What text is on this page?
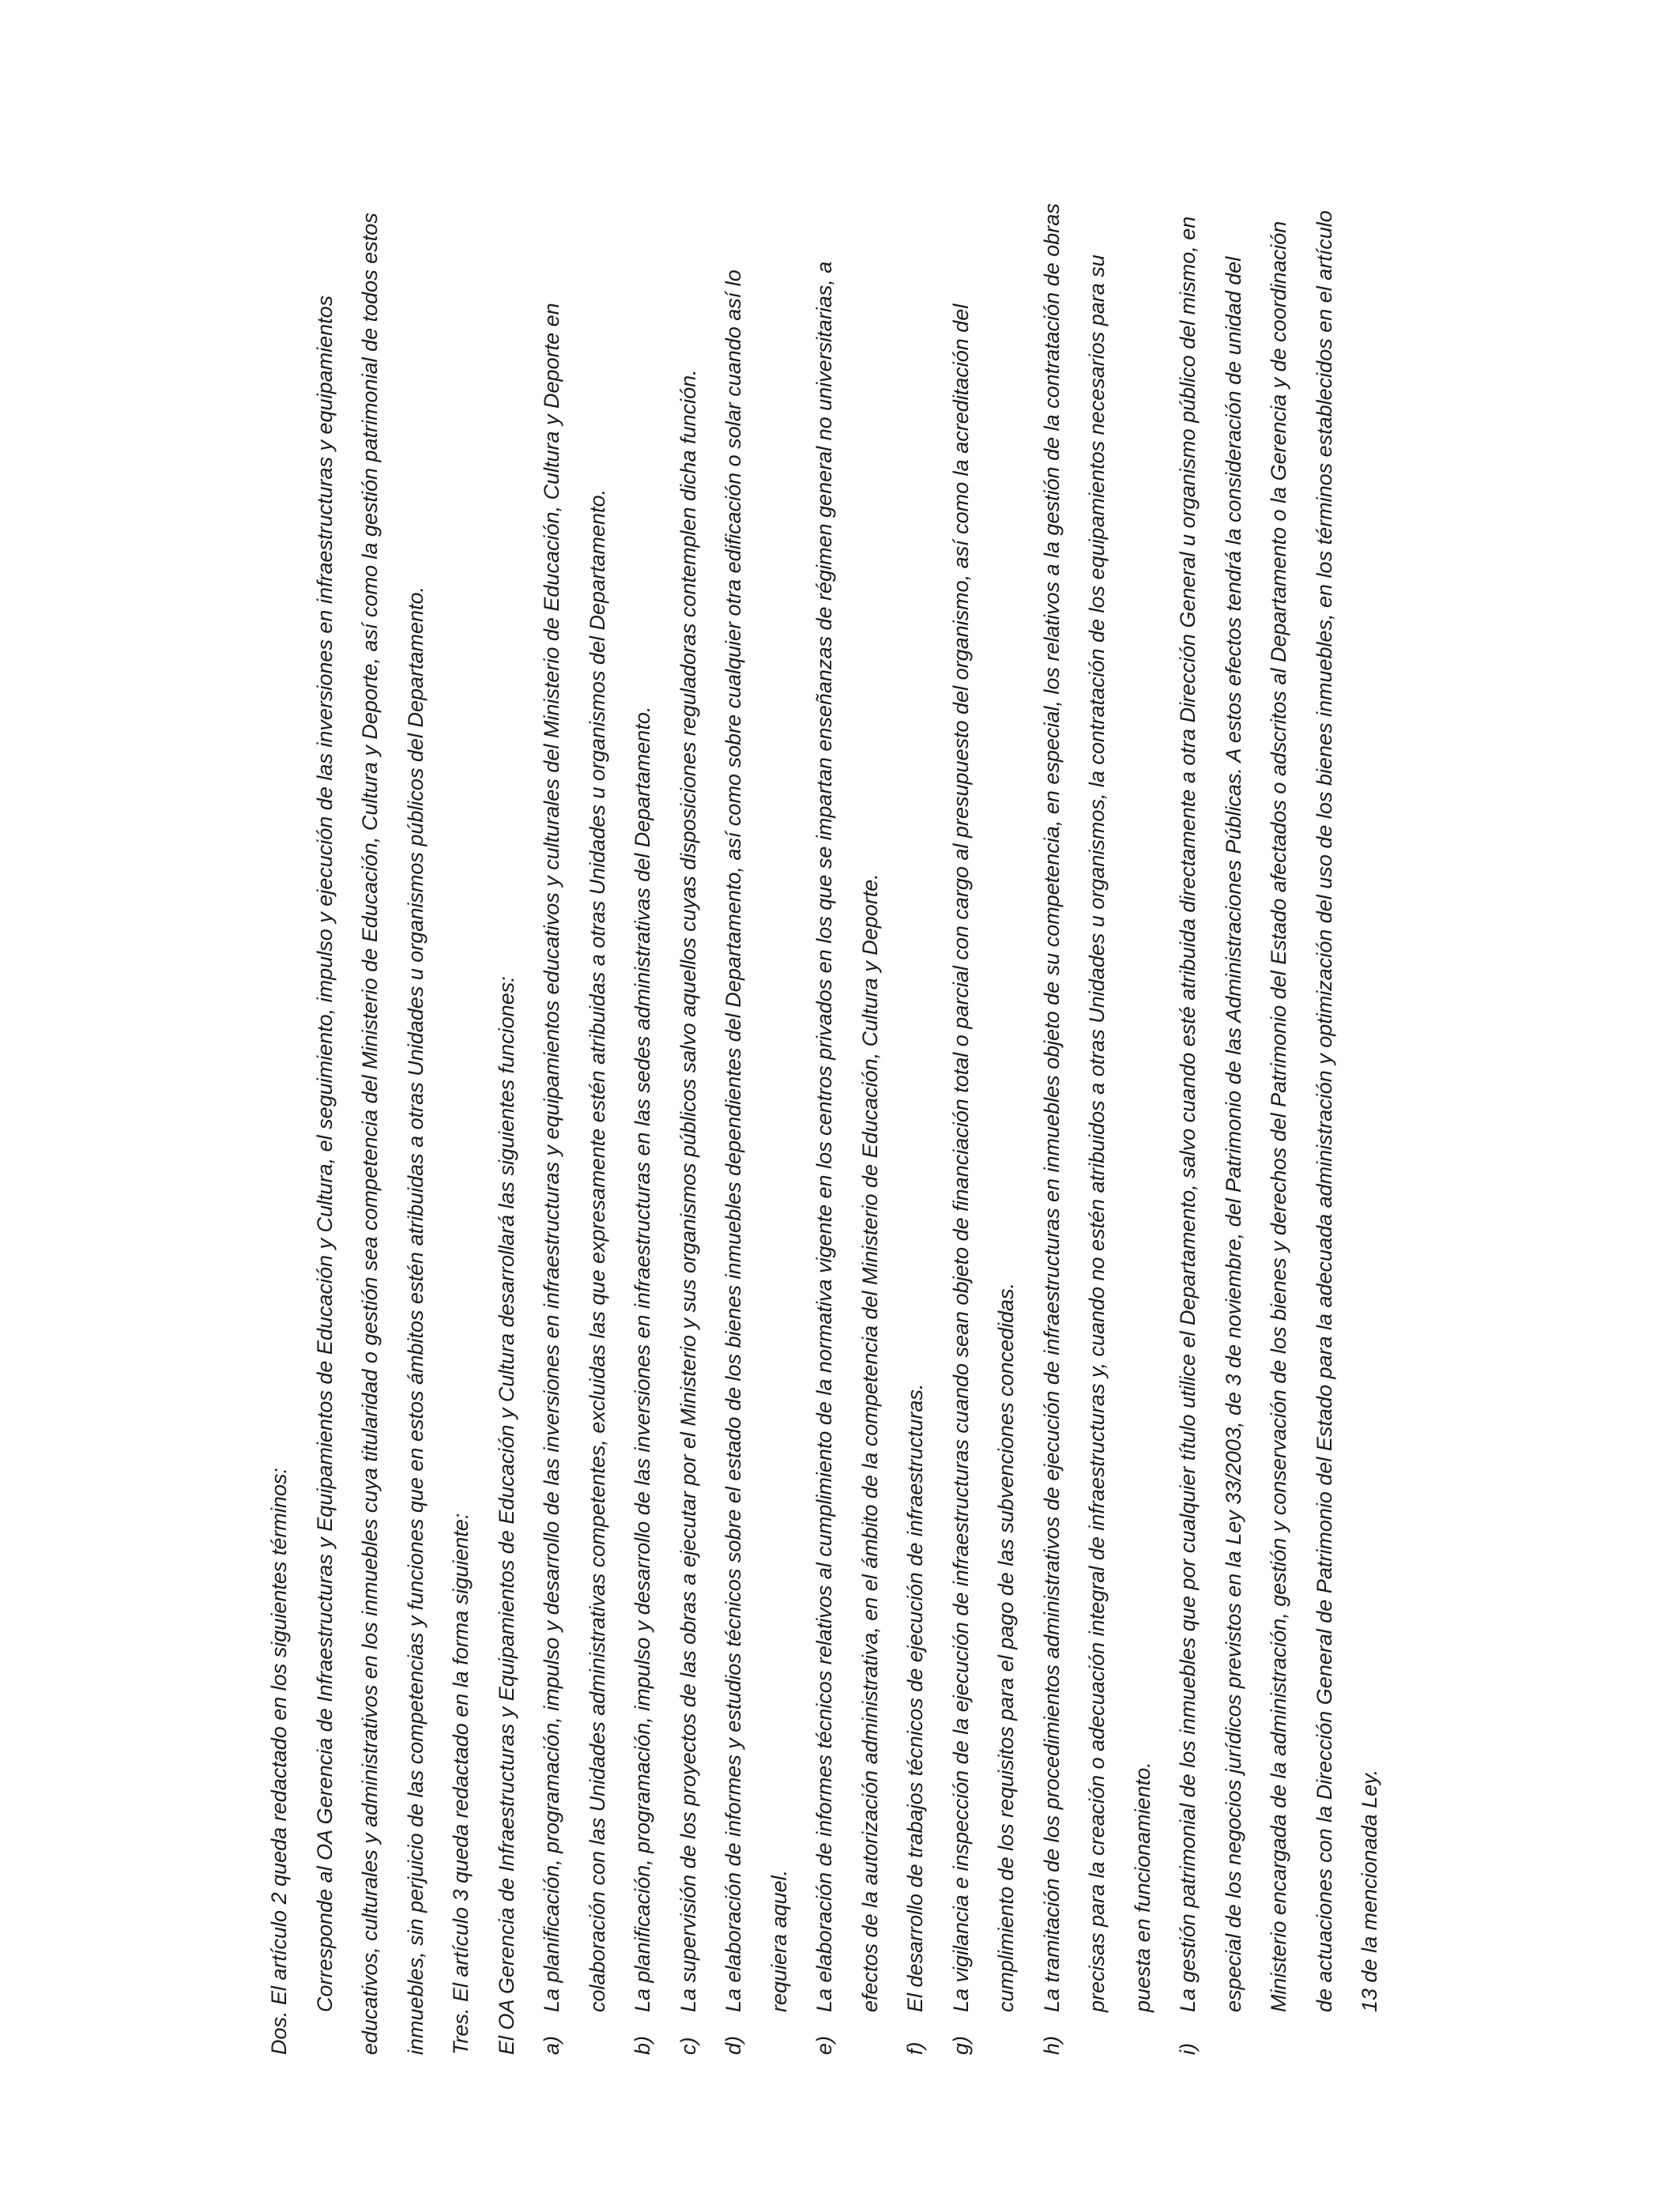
Dos. El artículo 2 queda redactado en los siguientes términos:	Corresponde al OA Gerencia de Infraestructuras y Equipamientos de Educación y Cultura, el seguimiento, impulso y ejecución de las inversiones en infraestructuras y equipamientos educativos, culturales y administrativos en los inmuebles cuya titularidad o gestión sea competencia del Ministerio de Educación, Cultura y Deporte, así como la gestión patrimonial de todos estos inmuebles, sin perjuicio de las competencias y funciones que en estos ámbitos estén atribuidas a otras Unidades u organismos públicos del Departamento.	Tres. El artículo 3 queda redactado en la forma siguiente:	El OA Gerencia de Infraestructuras y Equipamientos de Educación y Cultura desarrollará las siguientes funciones:	a)
La planificación, programación, impulso y desarrollo de las inversiones en infraestructuras y equipamientos educativos y culturales del Ministerio de Educación, Cultura y Deporte en colaboración con las Unidades administrativas competentes, excluidas las que expresamente estén atribuidas a otras Unidades u organismos del Departamento.
b)
La planificación, programación, impulso y desarrollo de las inversiones en infraestructuras en las sedes administrativas del Departamento.
c)
La supervisión de los proyectos de las obras a ejecutar por el Ministerio y sus organismos públicos salvo aquellos cuyas disposiciones reguladoras contemplen dicha función.
d)
La elaboración de informes y estudios técnicos sobre el estado de los bienes inmuebles dependientes del Departamento, así como sobre cualquier otra edificación o solar cuando así lo requiera aquel.
e)
La elaboración de informes técnicos relativos al cumplimiento de la normativa vigente en los centros privados en los que se impartan enseñanzas de régimen general no universitarias, a efectos de la autorización administrativa, en el ámbito de la competencia del Ministerio de Educación, Cultura y Deporte.
f)
El desarrollo de trabajos técnicos de ejecución de infraestructuras.
g)
La vigilancia e inspección de la ejecución de infraestructuras cuando sean objeto de financiación total o parcial con cargo al presupuesto del organismo, así como la acreditación del cumplimiento de los requisitos para el pago de las subvenciones concedidas.
h)
La tramitación de los procedimientos administrativos de ejecución de infraestructuras en inmuebles objeto de su competencia, en especial, los relativos a la gestión de la contratación de obras precisas para la creación o adecuación integral de infraestructuras y, cuando no estén atribuidos a otras Unidades u organismos, la contratación de los equipamientos necesarios para su puesta en funcionamiento.
i)
La gestión patrimonial de los inmuebles que por cualquier título utilice el Departamento, salvo cuando esté atribuida directamente a otra Dirección General u organismo público del mismo, en especial de los negocios jurídicos previstos en la Ley 33/2003, de 3 de noviembre, del Patrimonio de las Administraciones Públicas. A estos efectos tendrá la consideración de unidad del Ministerio encargada de la administración, gestión y conservación de los bienes y derechos del Patrimonio del Estado afectados o adscritos al Departamento o la Gerencia y de coordinación de actuaciones con la Dirección General de Patrimonio del Estado para la adecuada administración y optimización del uso de los bienes inmuebles, en los términos establecidos en el artículo 13 de la mencionada Ley.
